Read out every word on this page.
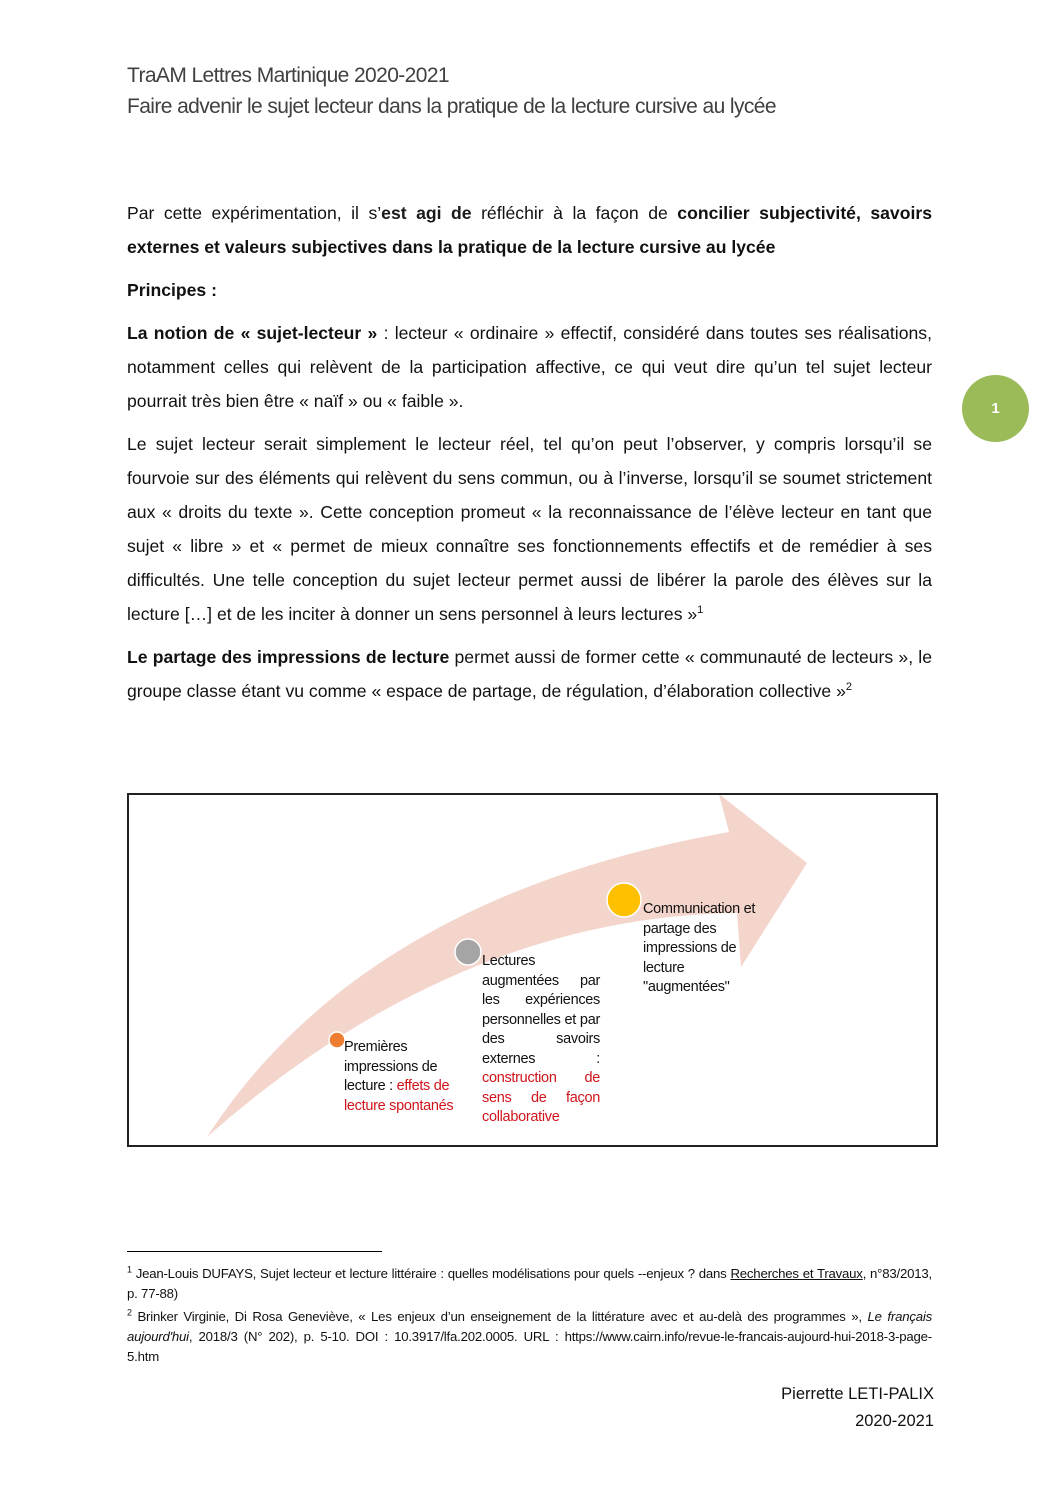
TraAM Lettres Martinique 2020-2021
Faire advenir le sujet lecteur dans la pratique de la lecture cursive au lycée
1

Par cette expérimentation, il s’est agi de réfléchir à la façon de concilier subjectivité, savoirs externes et valeurs subjectives dans la pratique de la lecture cursive au lycée

Principes :

La notion de « sujet-lecteur » : lecteur « ordinaire » effectif, considéré dans toutes ses réalisations, notamment celles qui relèvent de la participation affective, ce qui veut dire qu’un tel sujet lecteur pourrait très bien être « naïf » ou « faible ».

Le sujet lecteur serait simplement le lecteur réel, tel qu’on peut l’observer, y compris lorsqu’il se fourvoie sur des éléments qui relèvent du sens commun, ou à l’inverse, lorsqu’il se soumet strictement aux « droits du texte ». Cette conception promeut « la reconnaissance de l’élève lecteur en tant que sujet « libre » et « permet de mieux connaître ses fonctionnements effectifs et de remédier à ses difficultés. Une telle conception du sujet lecteur permet aussi de libérer la parole des élèves sur la lecture […] et de les inciter à donner un sens personnel à leurs lectures »$^1$

Le partage des impressions de lecture permet aussi de former cette « communauté de lecteurs », le groupe classe étant vu comme « espace de partage, de régulation, d’élaboration collective »$^2$

Premières impressions de lecture : effets de lecture spontanés
Lectures augmentées par les expériences personnelles et par des savoirs externes : construction de sens de façon collaborative
Communication et partage des impressions de lecture "augmentées"
$^1$ Jean-Louis DUFAYS, Sujet lecteur et lecture littéraire : quelles modélisations pour quels --enjeux ? dans Recherches et Travaux, n°83/2013, p. 77-88)
$^2$ Brinker Virginie, Di Rosa Geneviève, « Les enjeux d’un enseignement de la littérature avec et au-delà des programmes », Le français aujourd'hui, 2018/3 (N° 202), p. 5-10. DOI : 10.3917/lfa.202.0005. URL : https://www.cairn.info/revue-le-francais-aujourd-hui-2018-3-page-5.htm
Pierrette LETI-PALIX
2020-2021
